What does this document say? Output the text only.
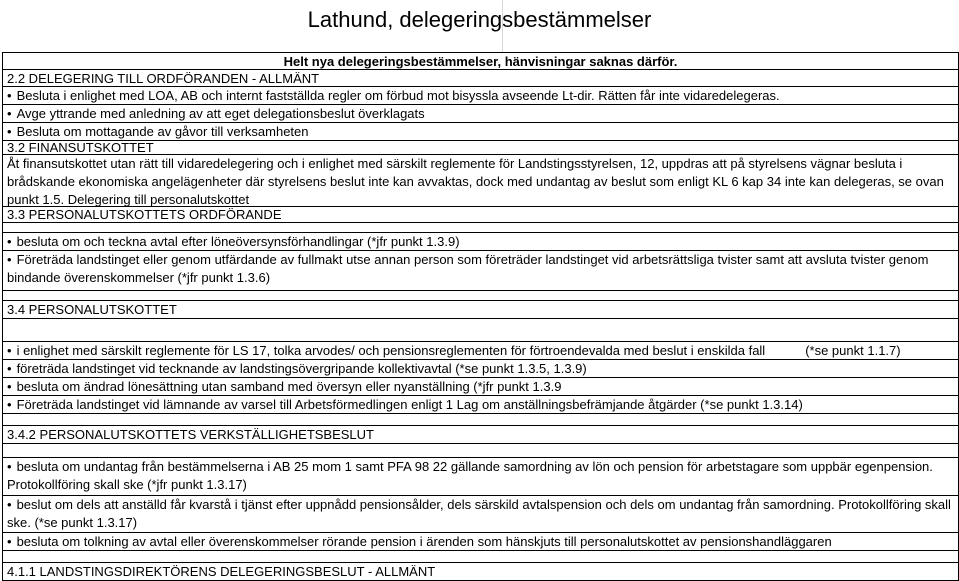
Lathund, delegeringsbestämmelser
Helt nya delegeringsbestämmelser, hänvisningar saknas därför.
2.2 DELEGERING TILL ORDFÖRANDEN - ALLMÄNT
• Besluta i enlighet med LOA, AB och internt fastställda regler om förbud mot bisyssla avseende Lt-dir. Rätten får inte vidaredelegeras.
• Avge yttrande med anledning av att eget delegationsbeslut överklagats
• Besluta om mottagande av gåvor till verksamheten
3.2 FINANSUTSKOTTET
Åt finansutskottet utan rätt till vidaredelegering och i enlighet med särskilt reglemente för Landstingsstyrelsen, 12, uppdras att på styrelsens vägnar besluta i brådskande ekonomiska angelägenheter där styrelsens beslut inte kan avvaktas, dock med undantag av beslut som enligt KL 6 kap 34 inte kan delegeras, se ovan punkt 1.5. Delegering till personalutskottet
3.3 PERSONALUTSKOTTETS ORDFÖRANDE
• besluta om och teckna avtal efter löneöversynsförhandlingar (*jfr punkt 1.3.9)
• Företräda landstinget eller genom utfärdande av fullmakt utse annan person som företräder landstinget vid arbetsrättsliga tvister samt att avsluta tvister genom bindande överenskommelser (*jfr punkt 1.3.6)
3.4 PERSONALUTSKOTTET
• i enlighet med särskilt reglemente för LS 17, tolka arvodes/ och pensionsreglementen för förtroendevalda med beslut i enskilda fall	(*se punkt 1.1.7)
• företräda landstinget vid tecknande av landstingsövergripande kollektivavtal (*se punkt 1.3.5, 1.3.9)
• besluta om ändrad lönesättning utan samband med översyn eller nyanställning (*jfr punkt 1.3.9
• Företräda landstinget vid lämnande av varsel till Arbetsförmedlingen enligt 1 Lag om anställningsbefrämjande åtgärder (*se punkt 1.3.14)
3.4.2 PERSONALUTSKOTTETS VERKSTÄLLIGHETSBESLUT
• besluta om undantag från bestämmelserna i AB 25 mom 1 samt PFA 98 22 gällande samordning av lön och pension för arbetstagare som uppbär egenpension. Protokollföring skall ske (*jfr punkt 1.3.17)
• beslut om dels att anställd får kvarstå i tjänst efter uppnådd pensionsålder, dels särskild avtalspension och dels om undantag från samordning. Protokollföring skall ske. (*se punkt 1.3.17)
• besluta om tolkning av avtal eller överenskommelser rörande pension i ärenden som hänskjuts till personalutskottet av pensionshandläggaren
4.1.1 LANDSTINGSDIREKTÖRENS DELEGERINGSBESLUT - ALLMÄNT
